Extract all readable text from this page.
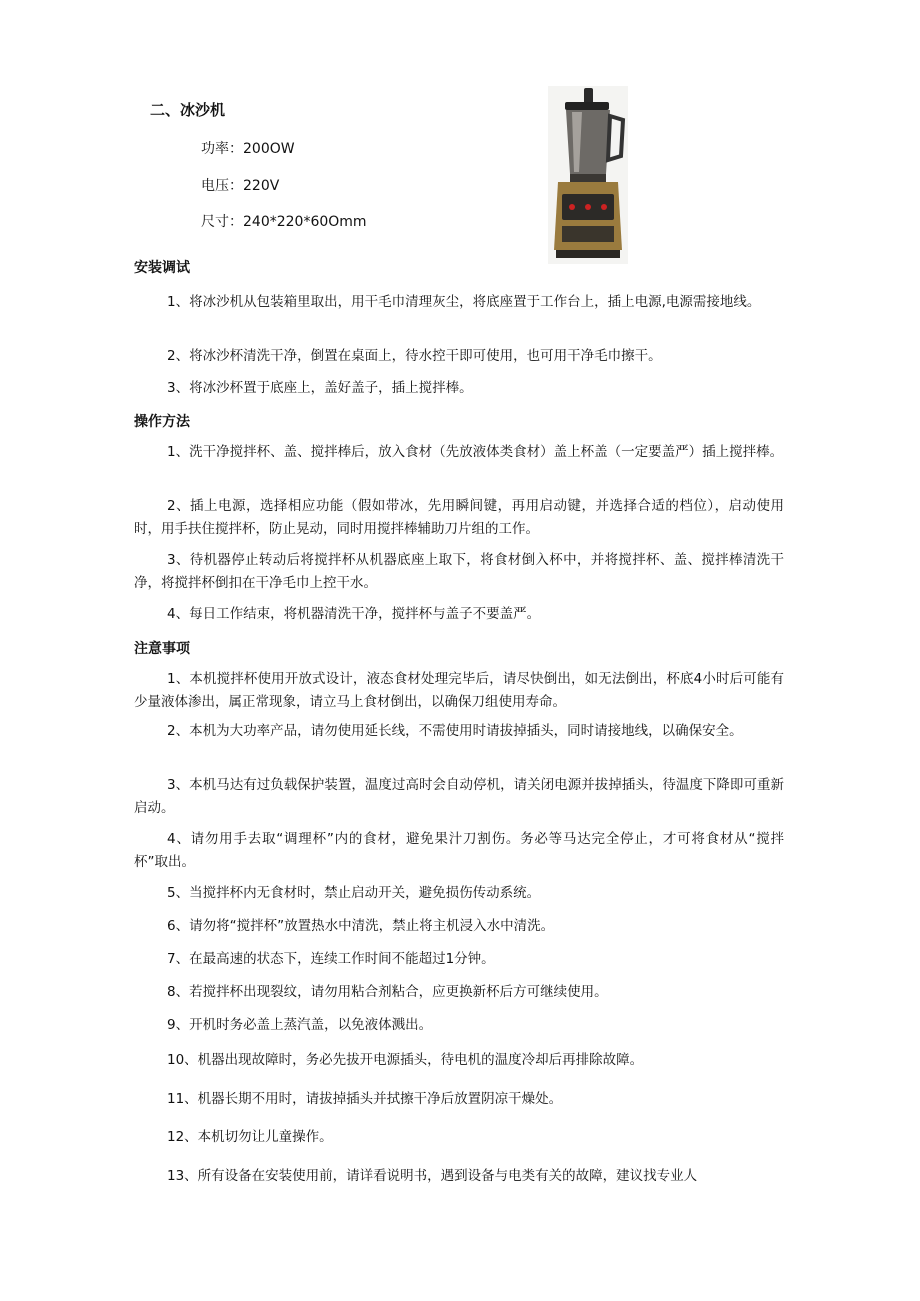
二、冰沙机
功率：200OW
电压：220V
尺寸：240*220*60Omm
安装调试
1、将冰沙机从包装箱里取出，用干毛巾清理灰尘，将底座置于工作台上，插上电源,电源需接地线。
2、将冰沙杯清洗干净，倒置在桌面上，待水控干即可使用，也可用干净毛巾擦干。
3、将冰沙杯置于底座上，盖好盖子，插上搅拌棒。
操作方法
1、洗干净搅拌杯、盖、搅拌棒后，放入食材（先放液体类食材）盖上杯盖（一定要盖严）插上搅拌棒。
2、插上电源，选择相应功能（假如带冰，先用瞬间键，再用启动键，并选择合适的档位），启动使用时，用手扶住搅拌杯，防止晃动，同时用搅拌棒辅助刀片组的工作。
3、待机器停止转动后将搅拌杯从机器底座上取下，将食材倒入杯中，并将搅拌杯、盖、搅拌棒清洗干净，将搅拌杯倒扣在干净毛巾上控干水。
4、每日工作结束，将机器清洗干净，搅拌杯与盖子不要盖严。
注意事项
1、本机搅拌杯使用开放式设计，液态食材处理完毕后，请尽快倒出，如无法倒出，杯底4小时后可能有少量液体渗出，属正常现象，请立马上食材倒出，以确保刀组使用寿命。
2、本机为大功率产品，请勿使用延长线，不需使用时请拔掉插头，同时请接地线，以确保安全。
3、本机马达有过负载保护装置，温度过高时会自动停机，请关闭电源并拔掉插头，待温度下降即可重新启动。
4、请勿用手去取“调理杯”内的食材，避免果汁刀割伤。务必等马达完全停止，才可将食材从“搅拌杯”取出。
5、当搅拌杯内无食材时，禁止启动开关，避免损伤传动系统。
6、请勿将“搅拌杯”放置热水中清洗，禁止将主机浸入水中清洗。
7、在最高速的状态下，连续工作时间不能超过1分钟。
8、若搅拌杯出现裂纹，请勿用粘合剂粘合，应更换新杯后方可继续使用。
9、开机时务必盖上蒸汽盖，以免液体溅出。
10、机器出现故障时，务必先拔开电源插头，待电机的温度冷却后再排除故障。
11、机器长期不用时，请拔掉插头并拭擦干净后放置阴凉干燥处。
12、本机切勿让儿童操作。
13、所有设备在安装使用前，请详看说明书，遇到设备与电类有关的故障，建议找专业人
